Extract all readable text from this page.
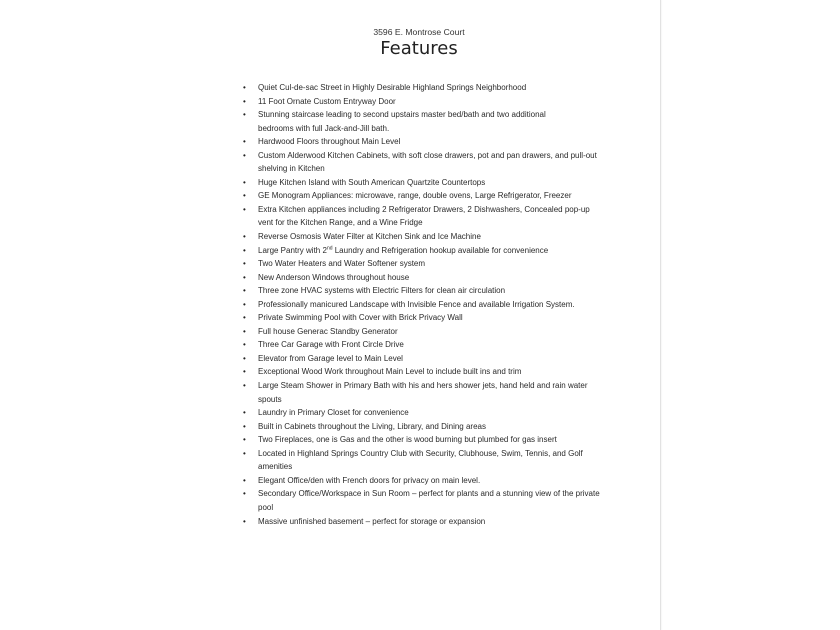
3596 E. Montrose Court
Features
• Quiet Cul-de-sac Street in Highly Desirable Highland Springs Neighborhood
• 11 Foot Ornate Custom Entryway Door
• Stunning staircase leading to second upstairs master bed/bath and two additional bedrooms with full Jack-and-Jill bath.
• Hardwood Floors throughout Main Level
• Custom Alderwood Kitchen Cabinets, with soft close drawers, pot and pan drawers, and pull-out shelving in Kitchen
• Huge Kitchen Island with South American Quartzite Countertops
• GE Monogram Appliances: microwave, range, double ovens, Large Refrigerator, Freezer
• Extra Kitchen appliances including 2 Refrigerator Drawers, 2 Dishwashers, Concealed pop-up vent for the Kitchen Range, and a Wine Fridge
• Reverse Osmosis Water Filter at Kitchen Sink and Ice Machine
• Large Pantry with 2nd Laundry and Refrigeration hookup available for convenience
• Two Water Heaters and Water Softener system
• New Anderson Windows throughout house
• Three zone HVAC systems with Electric Filters for clean air circulation
• Professionally manicured Landscape with Invisible Fence and available Irrigation System.
• Private Swimming Pool with Cover with Brick Privacy Wall
• Full house Generac Standby Generator
• Three Car Garage with Front Circle Drive
• Elevator from Garage level to Main Level
• Exceptional Wood Work throughout Main Level to include built ins and trim
• Large Steam Shower in Primary Bath with his and hers shower jets, hand held and rain water spouts
• Laundry in Primary Closet for convenience
• Built in Cabinets throughout the Living, Library, and Dining areas
• Two Fireplaces, one is Gas and the other is wood burning but plumbed for gas insert
• Located in Highland Springs Country Club with Security, Clubhouse, Swim, Tennis, and Golf amenities
• Elegant Office/den with French doors for privacy on main level.
• Secondary Office/Workspace in Sun Room – perfect for plants and a stunning view of the private pool
• Massive unfinished basement – perfect for storage or expansion
